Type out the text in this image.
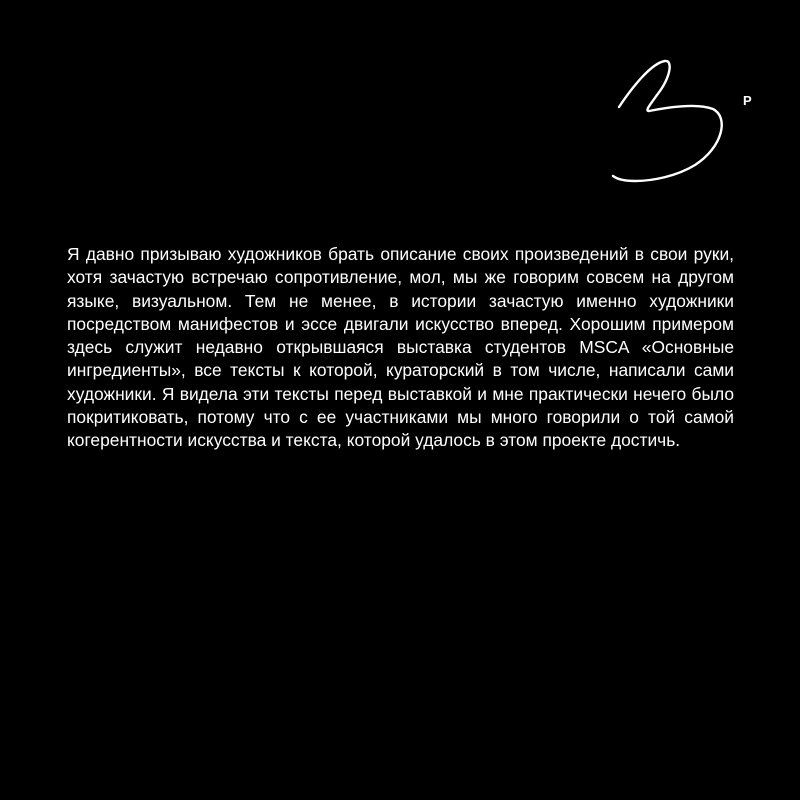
P

Я давно призываю художников брать описание своих произведений в свои руки, хотя зачастую встречаю сопротивление, мол, мы же говорим совсем на другом языке, визуальном. Тем не менее, в истории зачастую именно художники посредством манифестов и эссе двигали искусство вперед. Хорошим примером здесь служит недавно открывшаяся выставка студентов MSCA «Основные ингредиенты», все тексты к которой, кураторский в том числе, написали сами художники. Я видела эти тексты перед выставкой и мне практически нечего было покритиковать, потому что с ее участниками мы много говорили о той самой когерентности искусства и текста, которой удалось в этом проекте достичь.
